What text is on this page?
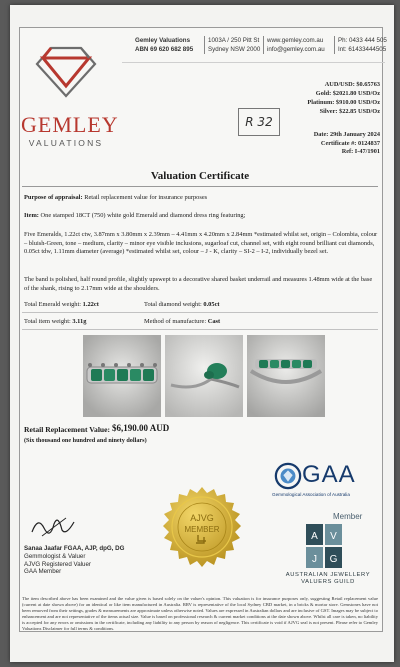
GEMLEY
VALUATIONS
Gemley Valuations
ABN 69 620 682 895
1003A / 250 Pitt St
Sydney NSW 2000
www.gemley.com.au
info@gemley.com.au
Ph: 0433 444 505
Int: 61433444505
AUD/USD: $0.65763
Gold: $2021.80 USD/Oz
Platinum: $910.00 USD/Oz
Silver: $22.85 USD/Oz
R 32
Date: 29th January 2024
Certificate #: 0124837
Ref: I-47/1901
Valuation Certificate
Purpose of appraisal: Retail replacement value for insurance purposes
Item: One stamped 18CT (750) white gold Emerald and diamond dress ring featuring;
Five Emeralds, 1.22ct ctw, 3.87mm x 3.80mm x 2.39mm – 4.41mm x 4.20mm x 2.84mm *estimated whilst set, origin – Colombia, colour – bluish-Green, tone – medium, clarity – minor eye visible inclusions, sugarloaf cut, channel set, with eight round brilliant cut diamonds, 0.05ct tdw, 1.11mm diameter (average) *estimated whilst set, colour – J - K, clarity – SI-2 – I-2, individually bezel set.
The band is polished, half round profile, slightly upswept to a decorative shared basket underrail and measures 1.48mm wide at the base of the shank, rising to 2.17mm wide at the shoulders.
Total Emerald weight: 1.22ct	Total diamond weight: 0.05ct
Total item weight: 3.11g	Method of manufacture: Cast
Retail Replacement Value: $6,190.00 AUD
(Six thousand one hundred and ninety dollars)
Sanaa Jaafar FGAA, AJP, dpG, DG
Gemmologist & Valuer
AJVG Registered Valuer
GAA Member
AJVG
MEMBER
GAA
Gemmological Association of Australia
Member
A V
J G
AUSTRALIAN JEWELLERY
VALUERS GUILD
The item described above has been examined and the value given is based solely on the valuer's opinion. This valuation is for insurance purposes only, suggesting Retail replacement value (current at date shown above) for an identical or like item manufactured in Australia. RRV is representative of the local Sydney CBD market, in a bricks & mortar store. Gemstones have not been removed from their settings, grades & measurements are approximate unless otherwise noted. Values are expressed in Australian dollars and are inclusive of GST. Images may be subject to enhancement and are not representative of the items actual size. Value is based on professional research & current market conditions at the date shown above. Whilst all care is taken, no liability is accepted for any errors or omissions in the certificate, including any liability to any person by reason of negligence. This certificate is void if AJVG seal is not present. Please refer to Gemley Valuations Disclaimer for full terms & conditions.
